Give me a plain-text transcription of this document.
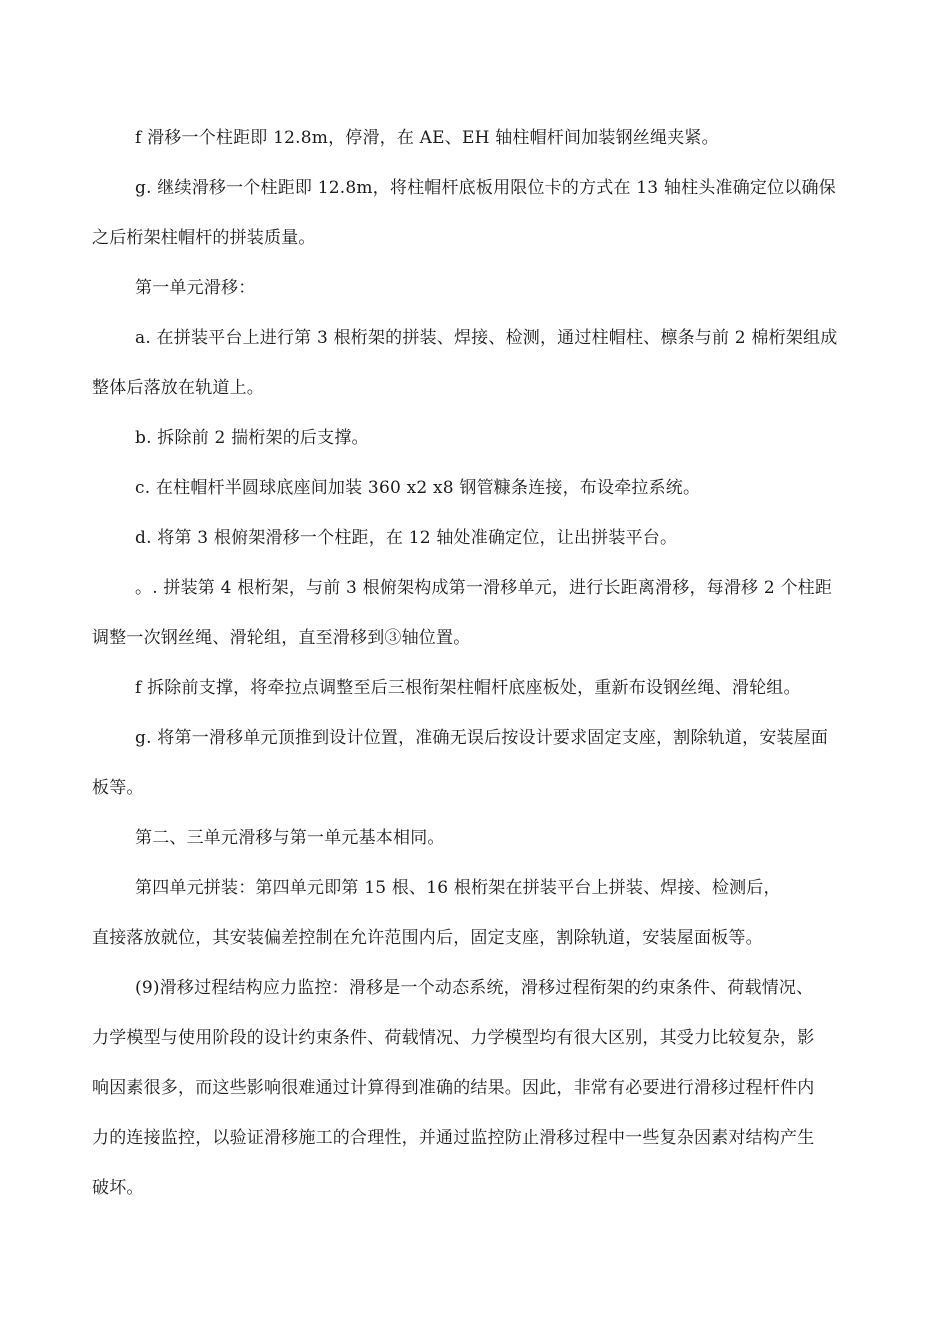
f 滑移一个柱距即 12.8m，停滑，在 AE、EH 轴柱帽杆间加装钢丝绳夹紧。
g. 继续滑移一个柱距即 12.8m，将柱帽杆底板用限位卡的方式在 13 轴柱头准确定位以确保
之后桁架柱帽杆的拼装质量。
第一单元滑移：
a. 在拼装平台上进行第 3 根桁架的拼装、焊接、检测，通过柱帽柱、檩条与前 2 棉桁架组成
整体后落放在轨道上。
b. 拆除前 2 揣桁架的后支撑。
c. 在柱帽杆半圆球底座间加装 360 x2 x8 钢管糠条连接，布设牵拉系统。
d. 将第 3 根俯架滑移一个柱距，在 12 轴处准确定位，让出拼装平台。
。. 拼装第 4 根桁架，与前 3 根俯架构成第一滑移单元，进行长距离滑移，每滑移 2 个柱距
调整一次钢丝绳、滑轮组，直至滑移到③轴位置。
f 拆除前支撑，将牵拉点调整至后三根衔架柱帽杆底座板处，重新布设钢丝绳、滑轮组。
g. 将第一滑移单元顶推到设计位置，准确无误后按设计要求固定支座，割除轨道，安装屋面
板等。
第二、三单元滑移与第一单元基本相同。
第四单元拼装：第四单元即第 15 根、16 根桁架在拼装平台上拼装、焊接、检测后，
直接落放就位，其安装偏差控制在允许范围内后，固定支座，割除轨道，安装屋面板等。
(9)滑移过程结构应力监控：滑移是一个动态系统，滑移过程衔架的约束条件、荷载情况、
力学模型与使用阶段的设计约束条件、荷载情况、力学模型均有很大区别，其受力比较复杂，影
响因素很多，而这些影响很难通过计算得到准确的结果。因此，非常有必要进行滑移过程杆件内
力的连接监控，以验证滑移施工的合理性，并通过监控防止滑移过程中一些复杂因素对结构产生
破坏。
